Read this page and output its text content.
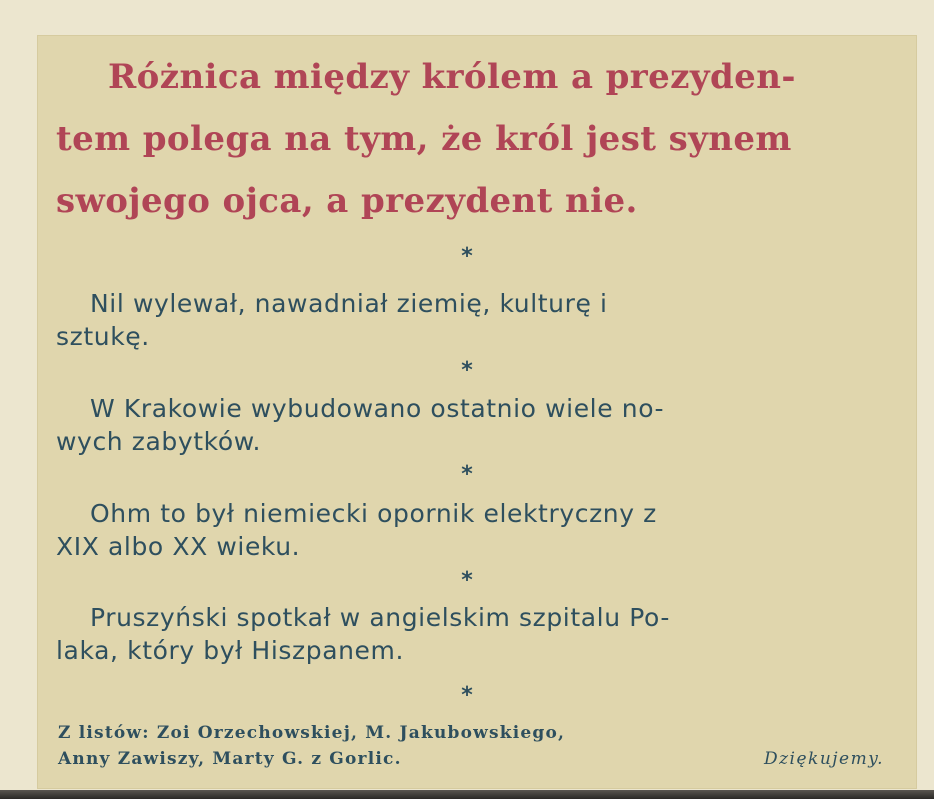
Różnica między królem a prezyden-
tem polega na tym, że król jest synem
swojego ojca, a prezydent nie.
*

Nil wylewał, nawadniał ziemię, kulturę i
sztukę.

*

W Krakowie wybudowano ostatnio wiele no-
wych zabytków.

*

Ohm to był niemiecki opornik elektryczny z
XIX albo XX wieku.

*

Pruszyński spotkał w angielskim szpitalu Po-
laka, który był Hiszpanem.

*
Z listów: Zoi Orzechowskiej, M. Jakubowskiego,
Anny Zawiszy, Marty G. z Gorlic.	Dziękujemy.
